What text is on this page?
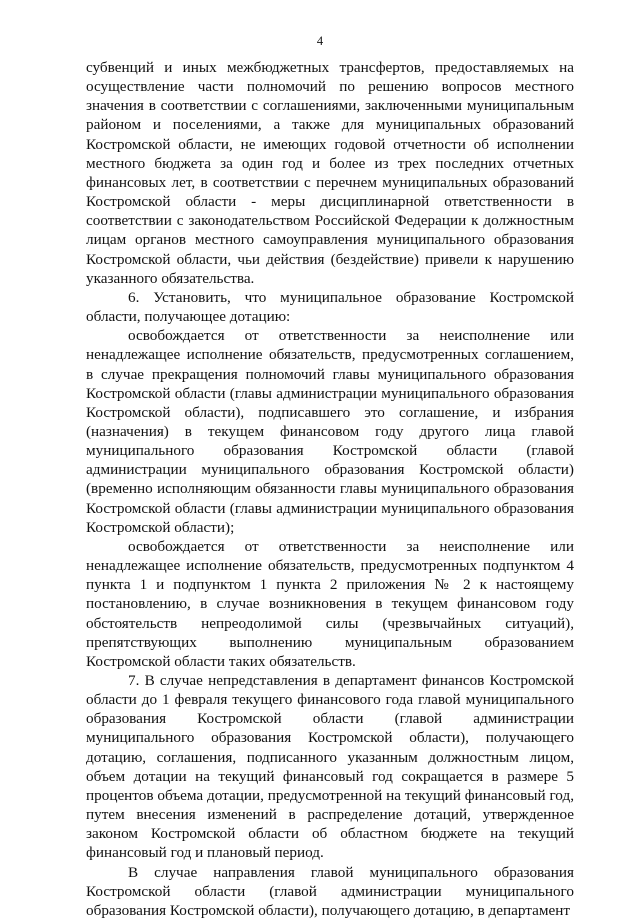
4

субвенций и иных межбюджетных трансфертов, предоставляемых на осуществление части полномочий по решению вопросов местного значения в соответствии с соглашениями, заключенными муниципальным районом и поселениями, а также для муниципальных образований Костромской области, не имеющих годовой отчетности об исполнении местного бюджета за один год и более из трех последних отчетных финансовых лет, в соответствии с перечнем муниципальных образований Костромской области - меры дисциплинарной ответственности в соответствии с законодательством Российской Федерации к должностным лицам органов местного самоуправления муниципального образования Костромской области, чьи действия (бездействие) привели к нарушению указанного обязательства.

6. Установить, что муниципальное образование Костромской области, получающее дотацию:

освобождается от ответственности за неисполнение или ненадлежащее исполнение обязательств, предусмотренных соглашением, в случае прекращения полномочий главы муниципального образования Костромской области (главы администрации муниципального образования Костромской области), подписавшего это соглашение, и избрания (назначения) в текущем финансовом году другого лица главой муниципального образования Костромской области (главой администрации муниципального образования Костромской области) (временно исполняющим обязанности главы муниципального образования Костромской области (главы администрации муниципального образования Костромской области);

освобождается от ответственности за неисполнение или ненадлежащее исполнение обязательств, предусмотренных подпунктом 4 пункта 1 и подпунктом 1 пункта 2 приложения № 2 к настоящему постановлению, в случае возникновения в текущем финансовом году обстоятельств непреодолимой силы (чрезвычайных ситуаций), препятствующих выполнению муниципальным образованием Костромской области таких обязательств.

7. В случае непредставления в департамент финансов Костромской области до 1 февраля текущего финансового года главой муниципального образования Костромской области (главой администрации муниципального образования Костромской области), получающего дотацию, соглашения, подписанного указанным должностным лицом, объем дотации на текущий финансовый год сокращается в размере 5 процентов объема дотации, предусмотренной на текущий финансовый год, путем внесения изменений в распределение дотаций, утвержденное законом Костромской области об областном бюджете на текущий финансовый год и плановый период.

В случае направления главой муниципального образования Костромской области (главой администрации муниципального образования Костромской области), получающего дотацию, в департамент
